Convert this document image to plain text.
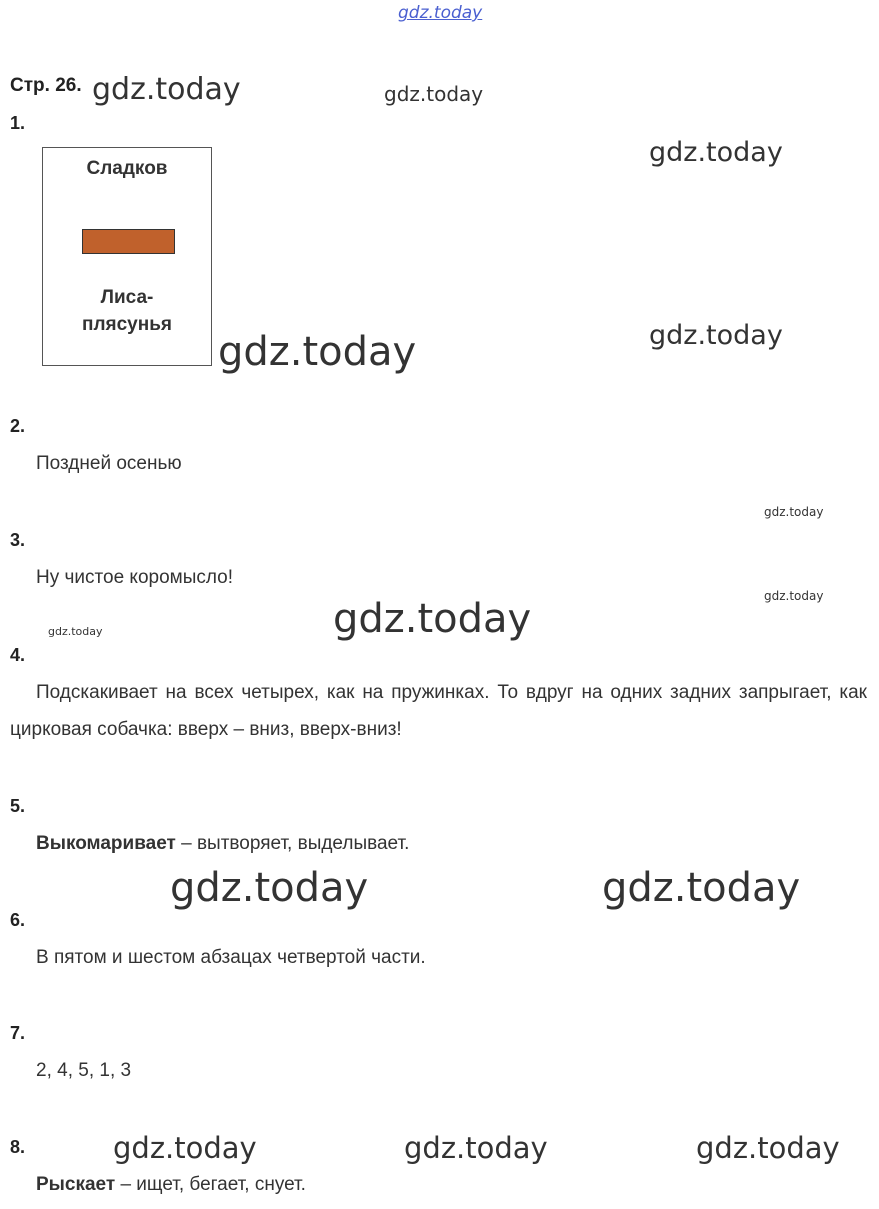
gdz.today
gdz.today	gdz.today
gdz.today
gdz.today	gdz.today
gdz.today
gdz.today
gdz.today	gdz.today
gdz.today	gdz.today
gdz.today	gdz.today	gdz.today
Стр. 26.
1.
Сладков
Лиса-
плясунья
2.
Поздней осенью
3.
Ну чистое коромысло!
4.
Подскакивает на всех четырех, как на пружинках. То вдруг на одних задних запрыгает, как цирковая собачка: вверх – вниз, вверх-вниз!
5.
Выкомаривает – вытворяет, выделывает.
6.
В пятом и шестом абзацах четвертой части.
7.
2, 4, 5, 1, 3
8.
Рыскает – ищет, бегает, снует.
